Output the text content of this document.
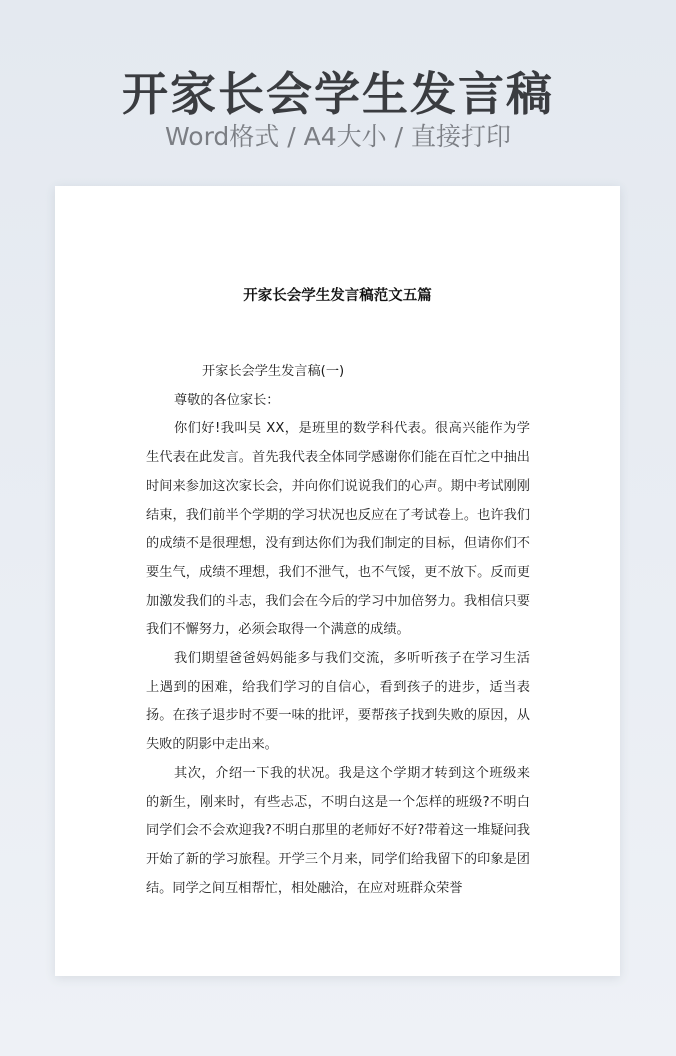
开家长会学生发言稿
Word格式 / A4大小 / 直接打印
开家长会学生发言稿范文五篇

开家长会学生发言稿(一)

尊敬的各位家长：

你们好!我叫吴 XX，是班里的数学科代表。很高兴能作为学生代表在此发言。首先我代表全体同学感谢你们能在百忙之中抽出时间来参加这次家长会，并向你们说说我们的心声。期中考试刚刚结束，我们前半个学期的学习状况也反应在了考试卷上。也许我们的成绩不是很理想，没有到达你们为我们制定的目标，但请你们不要生气，成绩不理想，我们不泄气，也不气馁，更不放下。反而更加激发我们的斗志，我们会在今后的学习中加倍努力。我相信只要我们不懈努力，必须会取得一个满意的成绩。

我们期望爸爸妈妈能多与我们交流，多听听孩子在学习生活上遇到的困难，给我们学习的自信心，看到孩子的进步，适当表扬。在孩子退步时不要一味的批评，要帮孩子找到失败的原因，从失败的阴影中走出来。

其次，介绍一下我的状况。我是这个学期才转到这个班级来的新生，刚来时，有些忐忑，不明白这是一个怎样的班级?不明白同学们会不会欢迎我?不明白那里的老师好不好?带着这一堆疑问我开始了新的学习旅程。开学三个月来，同学们给我留下的印象是团结。同学之间互相帮忙，相处融洽，在应对班群众荣誉
